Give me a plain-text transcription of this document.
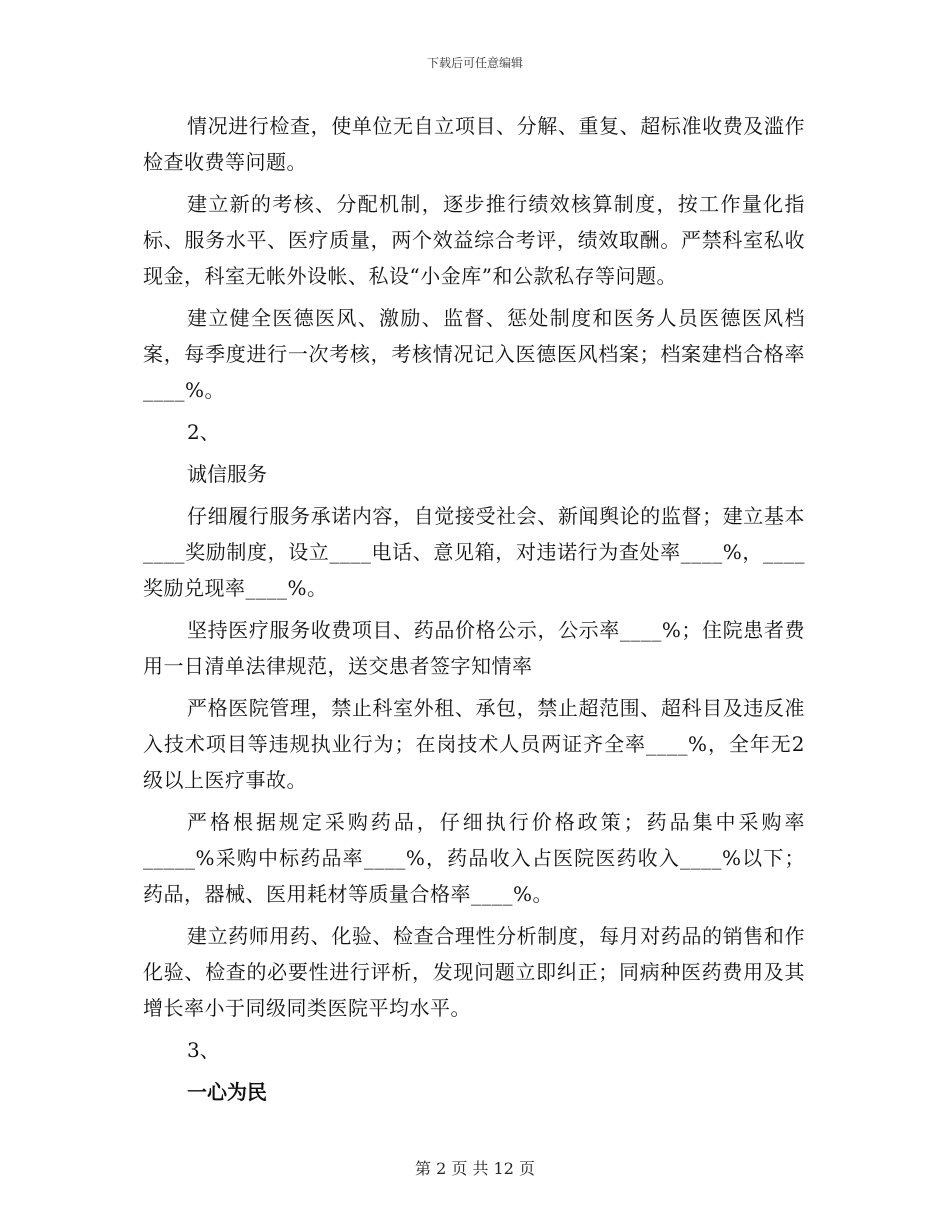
下载后可任意编辑

情况进行检查，使单位无自立项目、分解、重复、超标准收费及滥作检查收费等问题。

建立新的考核、分配机制，逐步推行绩效核算制度，按工作量化指标、服务水平、医疗质量，两个效益综合考评，绩效取酬。严禁科室私收现金，科室无帐外设帐、私设“小金库”和公款私存等问题。

建立健全医德医风、激励、监督、惩处制度和医务人员医德医风档案，每季度进行一次考核，考核情况记入医德医风档案；档案建档合格率____%。

2、

诚信服务

仔细履行服务承诺内容，自觉接受社会、新闻舆论的监督；建立基本____奖励制度，设立____电话、意见箱，对违诺行为查处率____%，____奖励兑现率____%。

坚持医疗服务收费项目、药品价格公示，公示率____%；住院患者费用一日清单法律规范，送交患者签字知情率

严格医院管理，禁止科室外租、承包，禁止超范围、超科目及违反准入技术项目等违规执业行为；在岗技术人员两证齐全率____%，全年无2级以上医疗事故。

严格根据规定采购药品，仔细执行价格政策；药品集中采购率_____%采购中标药品率____%，药品收入占医院医药收入____%以下；药品，器械、医用耗材等质量合格率____%。

建立药师用药、化验、检查合理性分析制度，每月对药品的销售和作化验、检查的必要性进行评析，发现问题立即纠正；同病种医药费用及其增长率小于同级同类医院平均水平。

3、

一心为民

第 2 页 共 12 页
